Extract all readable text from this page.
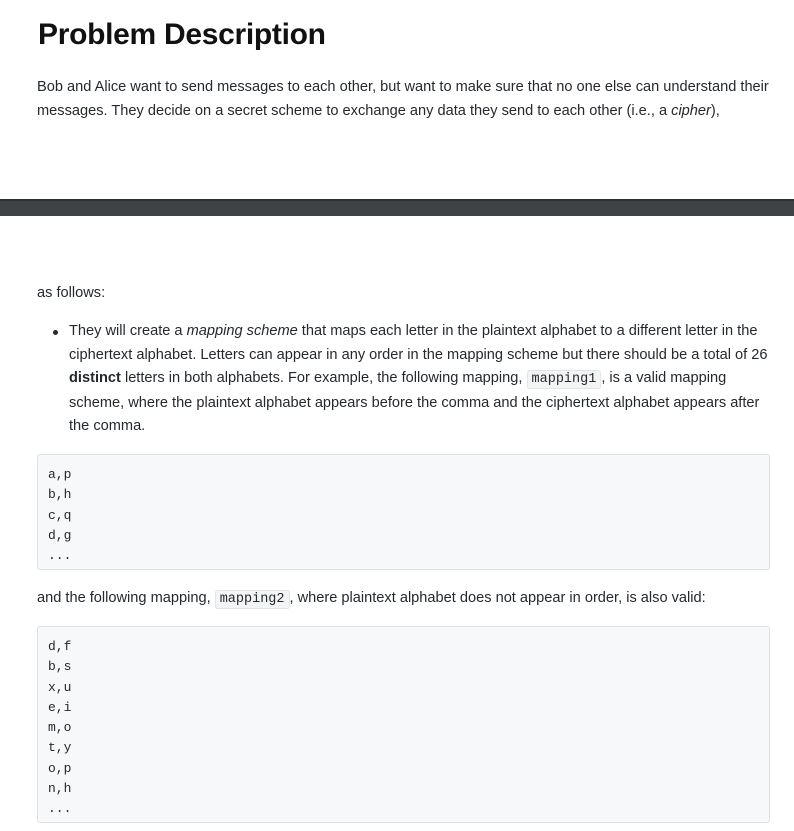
Problem Description

Bob and Alice want to send messages to each other, but want to make sure that no one else can understand their messages. They decide on a secret scheme to exchange any data they send to each other (i.e., a cipher),

as follows:

They will create a mapping scheme that maps each letter in the plaintext alphabet to a different letter in the ciphertext alphabet. Letters can appear in any order in the mapping scheme but there should be a total of 26 distinct letters in both alphabets. For example, the following mapping, mapping1 , is a valid mapping scheme, where the plaintext alphabet appears before the comma and the ciphertext alphabet appears after the comma.
a,p
b,h
c,q
d,g
...

and the following mapping, mapping2 , where plaintext alphabet does not appear in order, is also valid:

d,f
b,s
x,u
e,i
m,o
t,y
o,p
n,h
...
